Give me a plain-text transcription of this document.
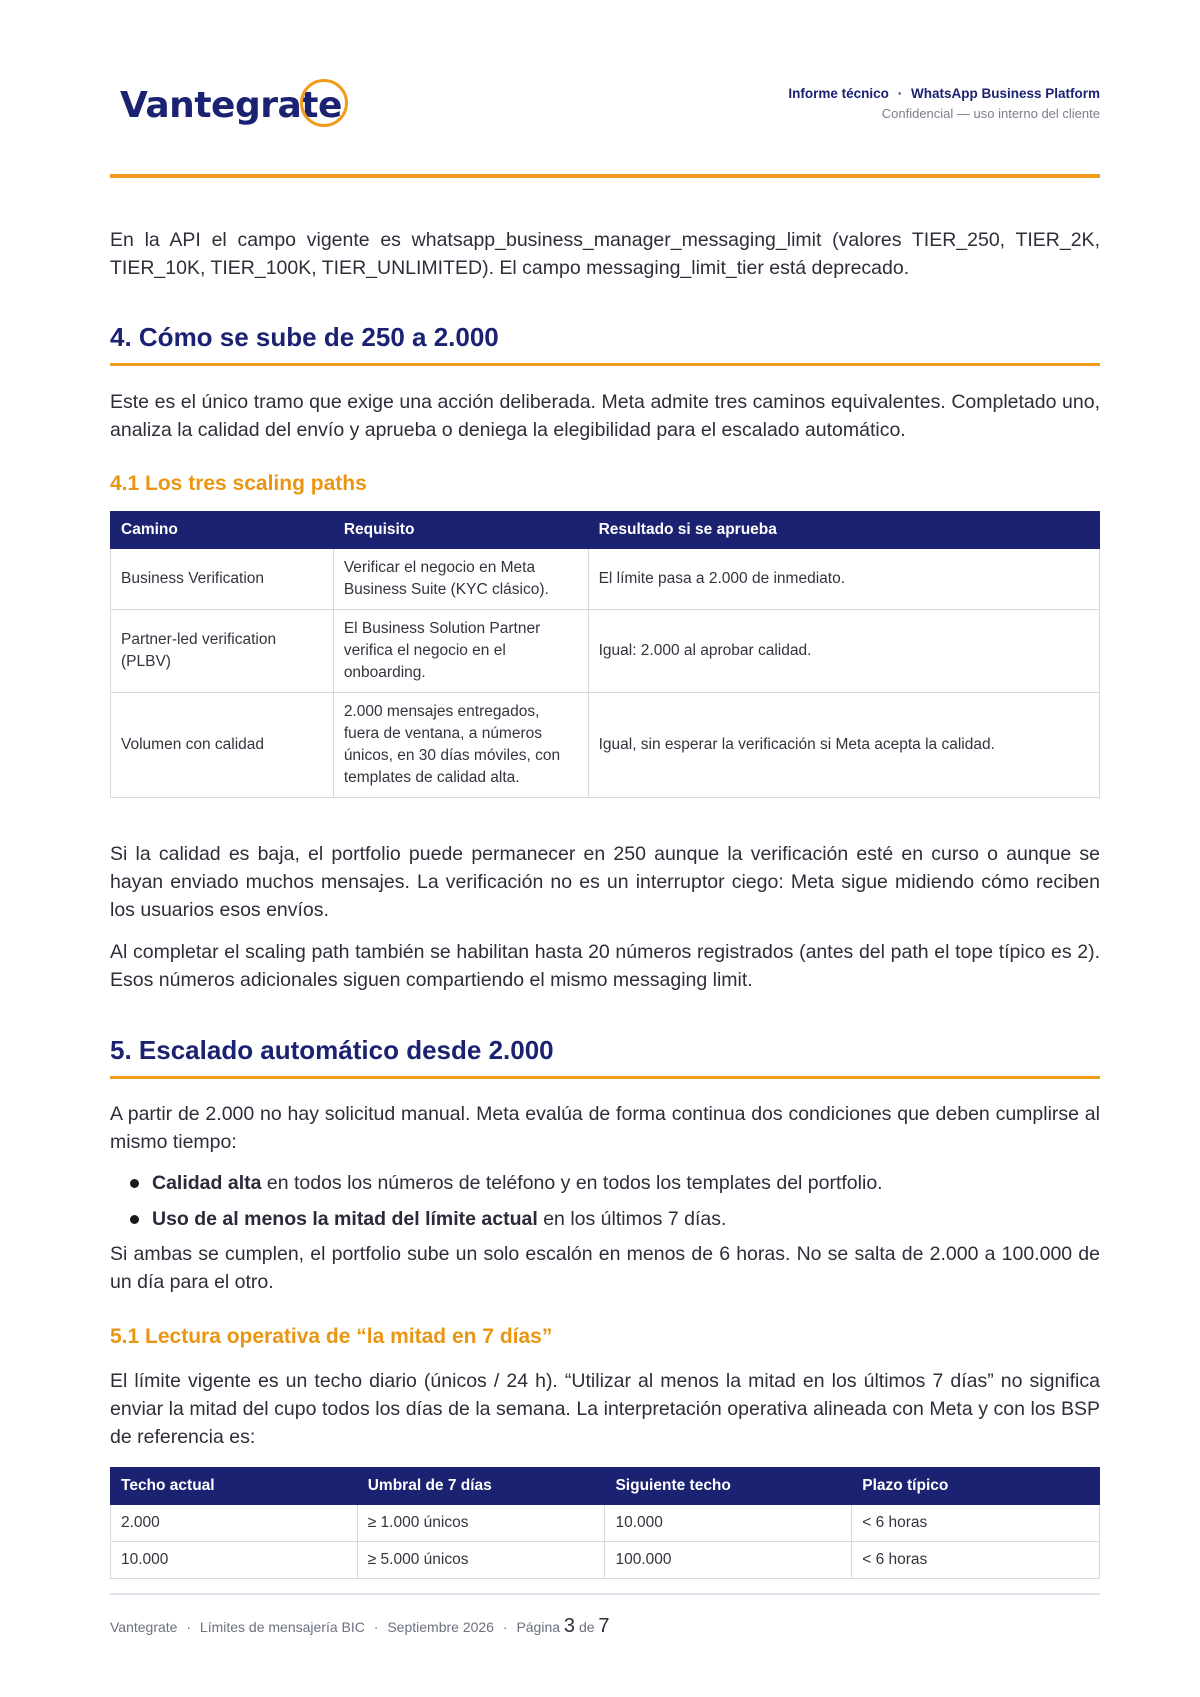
Vantegrate	Informe técnico · WhatsApp Business Platform
Confidencial — uso interno del cliente

En la API el campo vigente es whatsapp_business_manager_messaging_limit (valores TIER_250, TIER_2K, TIER_10K, TIER_100K, TIER_UNLIMITED). El campo messaging_limit_tier está deprecado.

4. Cómo se sube de 250 a 2.000

Este es el único tramo que exige una acción deliberada. Meta admite tres caminos equivalentes. Completado uno, analiza la calidad del envío y aprueba o deniega la elegibilidad para el escalado automático.

4.1 Los tres scaling paths
Camino	Requisito	Resultado si se aprueba
Business Verification	Verificar el negocio en Meta Business Suite (KYC clásico).	El límite pasa a 2.000 de inmediato.
Partner-led verification (PLBV)	El Business Solution Partner verifica el negocio en el onboarding.	Igual: 2.000 al aprobar calidad.
Volumen con calidad	2.000 mensajes entregados, fuera de ventana, a números únicos, en 30 días móviles, con templates de calidad alta.	Igual, sin esperar la verificación si Meta acepta la calidad.

Si la calidad es baja, el portfolio puede permanecer en 250 aunque la verificación esté en curso o aunque se hayan enviado muchos mensajes. La verificación no es un interruptor ciego: Meta sigue midiendo cómo reciben los usuarios esos envíos.

Al completar el scaling path también se habilitan hasta 20 números registrados (antes del path el tope típico es 2). Esos números adicionales siguen compartiendo el mismo messaging limit.

5. Escalado automático desde 2.000

A partir de 2.000 no hay solicitud manual. Meta evalúa de forma continua dos condiciones que deben cumplirse al mismo tiempo:

Calidad alta en todos los números de teléfono y en todos los templates del portfolio.
Uso de al menos la mitad del límite actual en los últimos 7 días.

Si ambas se cumplen, el portfolio sube un solo escalón en menos de 6 horas. No se salta de 2.000 a 100.000 de un día para el otro.

5.1 Lectura operativa de “la mitad en 7 días”

El límite vigente es un techo diario (únicos / 24 h). “Utilizar al menos la mitad en los últimos 7 días” no significa enviar la mitad del cupo todos los días de la semana. La interpretación operativa alineada con Meta y con los BSP de referencia es:

Techo actual	Umbral de 7 días	Siguiente techo	Plazo típico
2.000	≥ 1.000 únicos	10.000	< 6 horas
10.000	≥ 5.000 únicos	100.000	< 6 horas
Vantegrate · Límites de mensajería BIC · Septiembre 2026 · Página 3 de 7
